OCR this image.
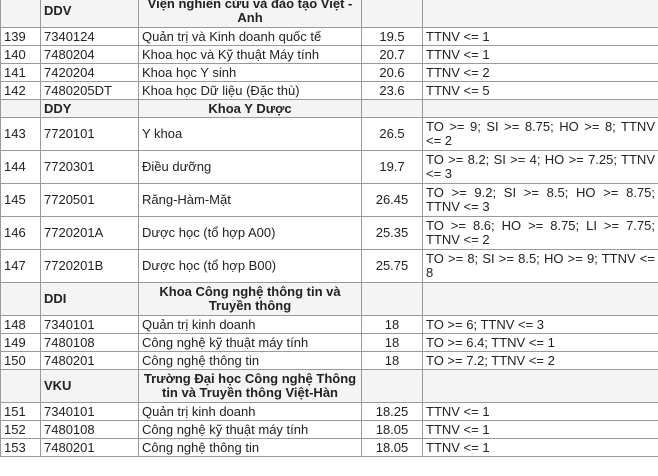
	DDV	Viện nghiên cứu và đào tạo Việt - Anh		
139	7340124	Quản trị và Kinh doanh quốc tế	19.5	TTNV <= 1
140	7480204	Khoa học và Kỹ thuật Máy tính	20.7	TTNV <= 1
141	7420204	Khoa học Y sinh	20.6	TTNV <= 2
142	7480205DT	Khoa học Dữ liệu (Đặc thù)	23.6	TTNV <= 5
	DDY	Khoa Y Dược		
143	7720101	Y khoa	26.5	TO >= 9; SI >= 8.75; HO >= 8; TTNV <= 2
144	7720301	Điều dưỡng	19.7	TO >= 8.2; SI >= 4; HO >= 7.25; TTNV <= 3
145	7720501	Răng-Hàm-Mặt	26.45	TO >= 9.2; SI >= 8.5; HO >= 8.75; TTNV <= 3
146	7720201A	Dược học (tổ hợp A00)	25.35	TO >= 8.6; HO >= 8.75; LI >= 7.75; TTNV <= 2
147	7720201B	Dược học (tổ hợp B00)	25.75	TO >= 8; SI >= 8.5; HO >= 9; TTNV <= 8
	DDI	Khoa Công nghệ thông tin và Truyền thông		
148	7340101	Quản trị kinh doanh	18	TO >= 6; TTNV <= 3
149	7480108	Công nghệ kỹ thuật máy tính	18	TO >= 6.4; TTNV <= 1
150	7480201	Công nghệ thông tin	18	TO >= 7.2; TTNV <= 2
	VKU	Trường Đại học Công nghệ Thông tin và Truyền thông Việt-Hàn		
151	7340101	Quản trị kinh doanh	18.25	TTNV <= 1
152	7480108	Công nghệ kỹ thuật máy tính	18.05	TTNV <= 1
153	7480201	Công nghệ thông tin	18.05	TTNV <= 1
